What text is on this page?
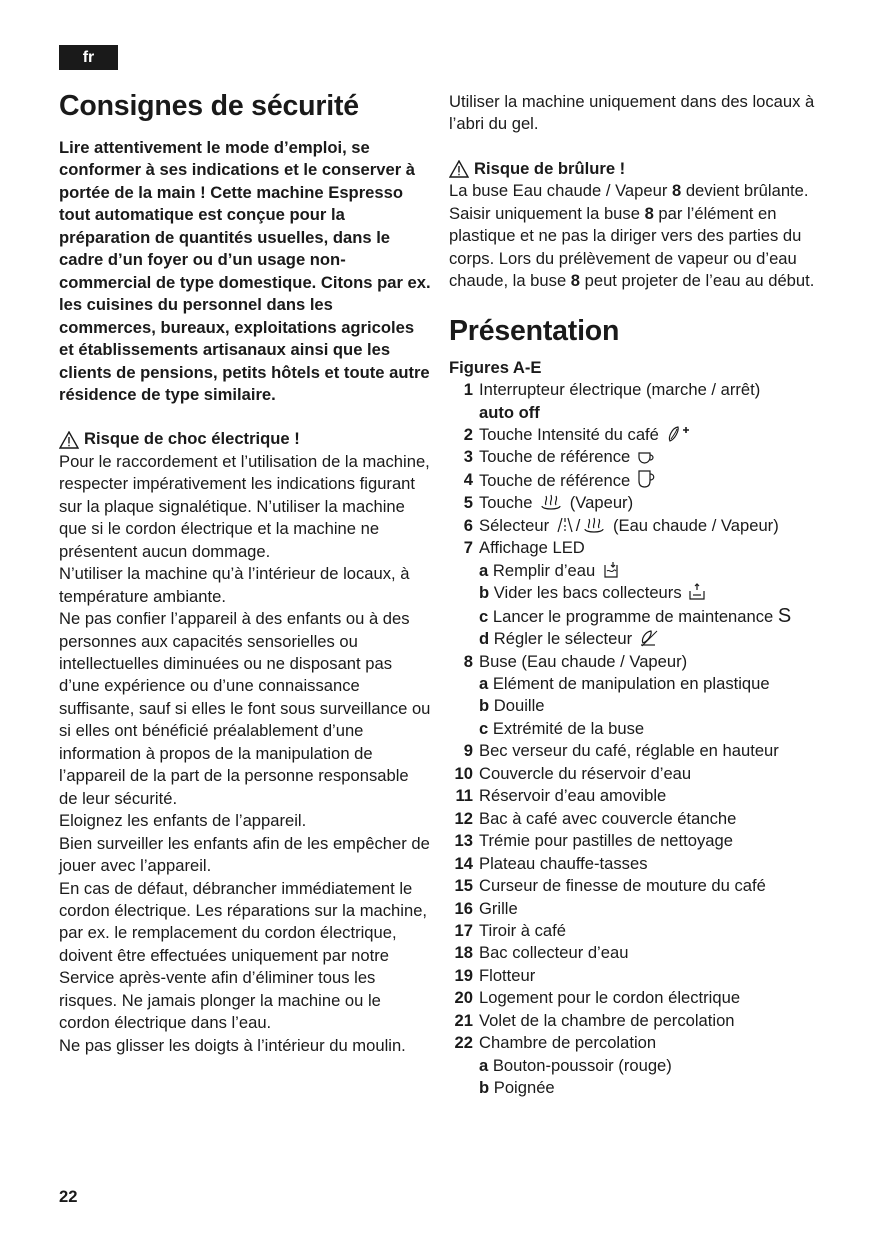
fr
Consignes de sécurité

Lire attentivement le mode d’emploi, se conformer à ses indications et le conserver à portée de la main ! Cette machine Espresso tout automatique est conçue pour la préparation de quantités usuelles, dans le cadre d’un foyer ou d’un usage non-commercial de type domestique. Citons par ex. les cuisines du personnel dans les commerces, bureaux, exploitations agricoles et établissements artisanaux ainsi que les clients de pensions, petits hôtels et toute autre résidence de type similaire.

Risque de choc électrique !

Pour le raccordement et l’utilisation de la machine, respecter impérativement les indications figurant sur la plaque signalétique. N’utiliser la machine que si le cordon électrique et la machine ne présentent aucun dommage.

N’utiliser la machine qu’à l’intérieur de locaux, à température ambiante.

Ne pas confier l’appareil à des enfants ou à des personnes aux capacités sensorielles ou intellectuelles diminuées ou ne disposant pas d’une expérience ou d’une connaissance suffisante, sauf si elles le font sous surveillance ou si elles ont bénéficié préalablement d’une information à propos de la manipulation de l’appareil de la part de la personne responsable de leur sécurité.

Eloignez les enfants de l’appareil.

Bien surveiller les enfants afin de les empêcher de jouer avec l’appareil.

En cas de défaut, débrancher immédiatement le cordon électrique. Les réparations sur la machine, par ex. le remplacement du cordon électrique, doivent être effectuées uniquement par notre Service après-vente afin d’éliminer tous les risques. Ne jamais plonger la machine ou le cordon électrique dans l’eau.

Ne pas glisser les doigts à l’intérieur du moulin.

Utiliser la machine uniquement dans des locaux à l’abri du gel.

Risque de brûlure !

La buse Eau chaude / Vapeur 8 devient brûlante. Saisir uniquement la buse 8 par l’élément en plastique et ne pas la diriger vers des parties du corps. Lors du prélèvement de vapeur ou d’eau chaude, la buse 8 peut projeter de l’eau au début.

Présentation

Figures A-E

1 Interrupteur électrique (marche / arrêt)
auto off
2 Touche Intensité du café
3 Touche de référence
4 Touche de référence
5 Touche (Vapeur)
6 Sélecteur / (Eau chaude / Vapeur)
7 Affichage LED
a Remplir d’eau
b Vider les bacs collecteurs
c Lancer le programme de maintenance S
d Régler le sélecteur
8 Buse (Eau chaude / Vapeur)
a Elément de manipulation en plastique
b Douille
c Extrémité de la buse
9 Bec verseur du café, réglable en hauteur
10 Couvercle du réservoir d’eau
11 Réservoir d’eau amovible
12 Bac à café avec couvercle étanche
13 Trémie pour pastilles de nettoyage
14 Plateau chauffe-tasses
15 Curseur de finesse de mouture du café
16 Grille
17 Tiroir à café
18 Bac collecteur d’eau
19 Flotteur
20 Logement pour le cordon électrique
21 Volet de la chambre de percolation
22 Chambre de percolation
a Bouton-poussoir (rouge)
b Poignée
22
